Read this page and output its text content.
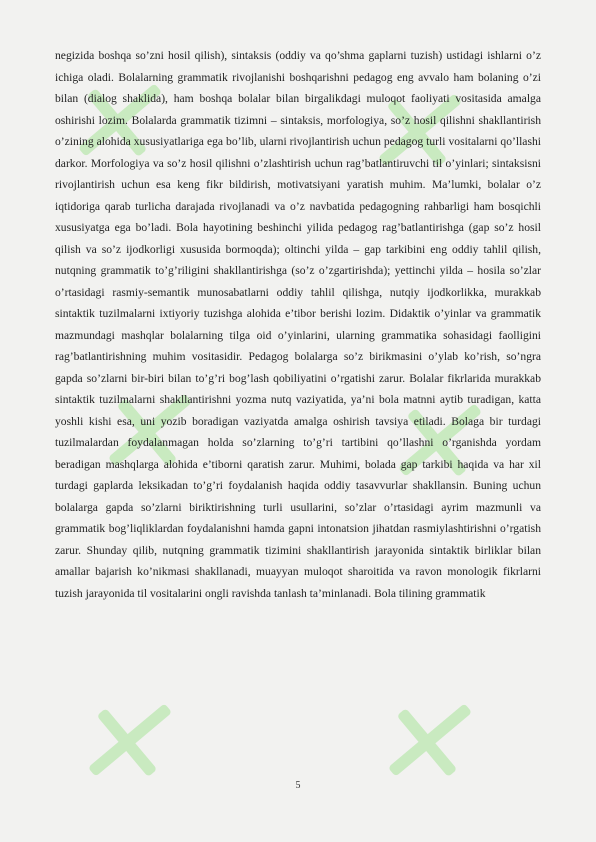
negizida boshqa so’zni hosil qilish), sintaksis (oddiy va qo’shma gaplarni tuzish) ustidagi ishlarni o’z ichiga oladi. Bolalarning grammatik rivojlanishi boshqarishni pedagog eng avvalo ham bolaning o’zi bilan (dialog shaklida), ham boshqa bolalar bilan birgalikdagi muloqot faoliyati vositasida amalga oshirishi lozim. Bolalarda grammatik tizimni – sintaksis, morfologiya, so’z hosil qilishni shakllantirish o’zining alohida xususiyatlariga ega bo’lib, ularni rivojlantirish uchun pedagog turli vositalarni qo’llashi darkor. Morfologiya va so’z hosil qilishni o’zlashtirish uchun rag’batlantiruvchi til o’yinlari; sintaksisni rivojlantirish uchun esa keng fikr bildirish, motivatsiyani yaratish muhim. Ma’lumki, bolalar o’z iqtidoriga qarab turlicha darajada rivojlanadi va o’z navbatida pedagogning rahbarligi ham bosqichli xususiyatga ega bo’ladi. Bola hayotining beshinchi yilida pedagog rag’batlantirishga (gap so’z hosil qilish va so’z ijodkorligi xususida bormoqda); oltinchi yilda – gap tarkibini eng oddiy tahlil qilish, nutqning grammatik to’g’riligini shakllantirishga (so’z o’zgartirishda); yettinchi yilda – hosila so’zlar o’rtasidagi rasmiy-semantik munosabatlarni oddiy tahlil qilishga, nutqiy ijodkorlikka, murakkab sintaktik tuzilmalarni ixtiyoriy tuzishga alohida e’tibor berishi lozim. Didaktik o’yinlar va grammatik mazmundagi mashqlar bolalarning tilga oid o’yinlarini, ularning grammatika sohasidagi faolligini rag’batlantirishning muhim vositasidir. Pedagog bolalarga so’z birikmasini o’ylab ko’rish, so’ngra gapda so’zlarni bir-biri bilan to’g’ri bog’lash qobiliyatini o’rgatishi zarur. Bolalar fikrlarida murakkab sintaktik tuzilmalarni shakllantirishni yozma nutq vaziyatida, ya’ni bola matnni aytib turadigan, katta yoshli kishi esa, uni yozib boradigan vaziyatda amalga oshirish tavsiya etiladi. Bolaga bir turdagi tuzilmalardan foydalanmagan holda so’zlarning to’g’ri tartibini qo’llashni o’rganishda yordam beradigan mashqlarga alohida e’tiborni qaratish zarur. Muhimi, bolada gap tarkibi haqida va har xil turdagi gaplarda leksikadan to’g’ri foydalanish haqida oddiy tasavvurlar shakllansin. Buning uchun bolalarga gapda so’zlarni biriktirishning turli usullarini, so’zlar o’rtasidagi ayrim mazmunli va grammatik bog’liqliklardan foydalanishni hamda gapni intonatsion jihatdan rasmiylashtirishni o’rgatish zarur. Shunday qilib, nutqning grammatik tizimini shakllantirish jarayonida sintaktik birliklar bilan amallar bajarish ko’nikmasi shakllanadi, muayyan muloqot sharoitida va ravon monologik fikrlarni tuzish jarayonida til vositalarini ongli ravishda tanlash ta’minlanadi. Bola tilining grammatik

5
